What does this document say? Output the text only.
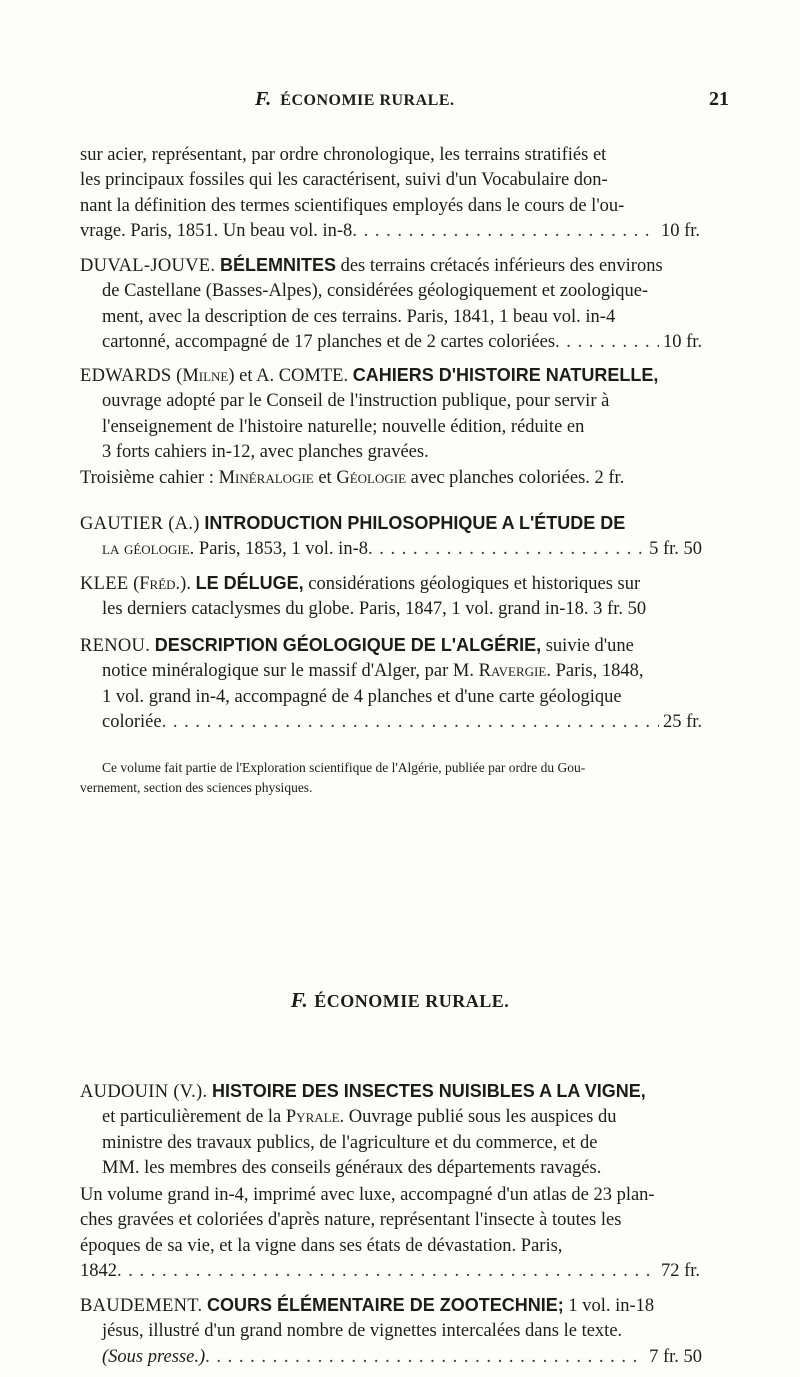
F. ÉCONOMIE RURALE.	21
sur acier, représentant, par ordre chronologique, les terrains stratifiés et
les principaux fossiles qui les caractérisent, suivi d'un Vocabulaire don-
nant la définition des termes scientifiques employés dans le cours de l'ou-
vrage. Paris, 1851. Un beau vol. in-8 . . .	10 fr.
DUVAL-JOUVE. BÉLEMNITES des terrains crétacés inférieurs des environs
de Castellane (Basses-Alpes), considérées géologiquement et zoologique-
ment, avec la description de ces terrains. Paris, 1841, 1 beau vol. in-4
cartonné, accompagné de 17 planches et de 2 cartes coloriées . . .	10 fr.
EDWARDS (Milne) et A. COMTE. CAHIERS D'HISTOIRE NATURELLE,
ouvrage adopté par le Conseil de l'instruction publique, pour servir à
l'enseignement de l'histoire naturelle; nouvelle édition, réduite en
3 forts cahiers in-12, avec planches gravées.
Troisième cahier : Minéralogie et Géologie avec planches coloriées. 2 fr.
GAUTIER (A.) INTRODUCTION PHILOSOPHIQUE A L'ÉTUDE DE
la géologie. Paris, 1853, 1 vol. in-8 . . .	5 fr. 50
KLEE (Fréd.). LE DÉLUGE, considérations géologiques et historiques sur
les derniers cataclysmes du globe. Paris, 1847, 1 vol. grand in-18. 3 fr. 50
RENOU. DESCRIPTION GÉOLOGIQUE DE L'ALGÉRIE, suivie d'une
notice minéralogique sur le massif d'Alger, par M. Ravergie. Paris, 1848,
1 vol. grand in-4, accompagné de 4 planches et d'une carte géologique
coloriée . . .	25 fr.
Ce volume fait partie de l'Exploration scientifique de l'Algérie, publiée par ordre du Gou-
vernement, section des sciences physiques.
F. ÉCONOMIE RURALE.
AUDOUIN (V.). HISTOIRE DES INSECTES NUISIBLES A LA VIGNE,
et particulièrement de la Pyrale. Ouvrage publié sous les auspices du
ministre des travaux publics, de l'agriculture et du commerce, et de
MM. les membres des conseils généraux des départements ravagés.
Un volume grand in-4, imprimé avec luxe, accompagné d'un atlas de 23 plan-
ches gravées et coloriées d'après nature, représentant l'insecte à toutes les
époques de sa vie, et la vigne dans ses états de dévastation. Paris,
1842 . . .	72 fr.
BAUDEMENT. COURS ÉLÉMENTAIRE DE ZOOTECHNIE; 1 vol. in-18
jésus, illustré d'un grand nombre de vignettes intercalées dans le texte.
(Sous presse.) . . .	7 fr. 50
